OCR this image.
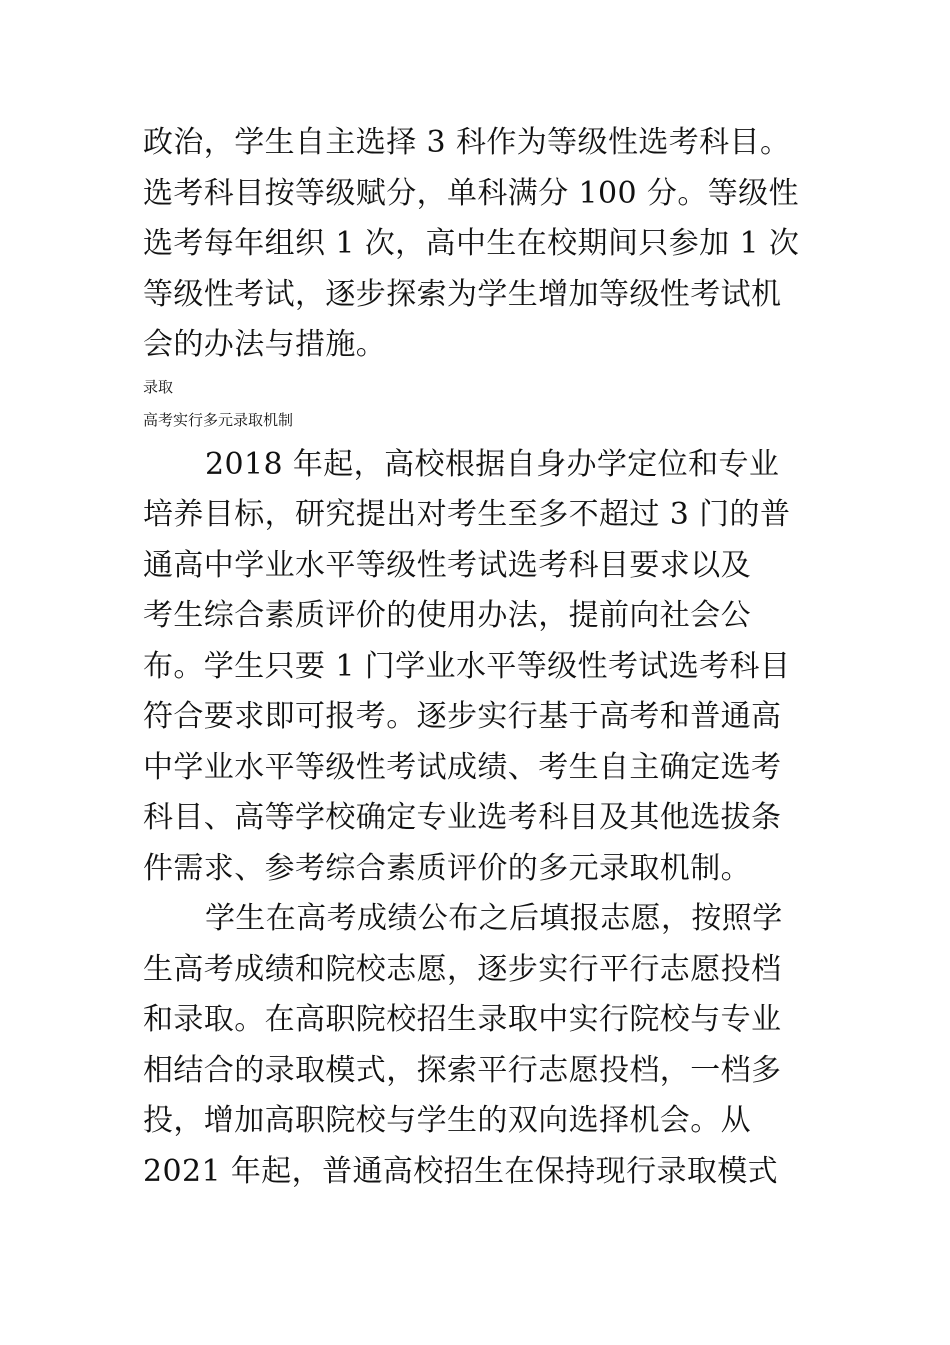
政治，学生自主选择 3 科作为等级性选考科目。
选考科目按等级赋分，单科满分 100 分。等级性
选考每年组织 1 次，高中生在校期间只参加 1 次
等级性考试，逐步探索为学生增加等级性考试机
会的办法与措施。
录取
高考实行多元录取机制
2018 年起，高校根据自身办学定位和专业
培养目标，研究提出对考生至多不超过 3 门的普
通高中学业水平等级性考试选考科目要求以及
考生综合素质评价的使用办法，提前向社会公
布。学生只要 1 门学业水平等级性考试选考科目
符合要求即可报考。逐步实行基于高考和普通高
中学业水平等级性考试成绩、考生自主确定选考
科目、高等学校确定专业选考科目及其他选拔条
件需求、参考综合素质评价的多元录取机制。
学生在高考成绩公布之后填报志愿，按照学
生高考成绩和院校志愿，逐步实行平行志愿投档
和录取。在高职院校招生录取中实行院校与专业
相结合的录取模式，探索平行志愿投档，一档多
投，增加高职院校与学生的双向选择机会。从
2021 年起，普通高校招生在保持现行录取模式
